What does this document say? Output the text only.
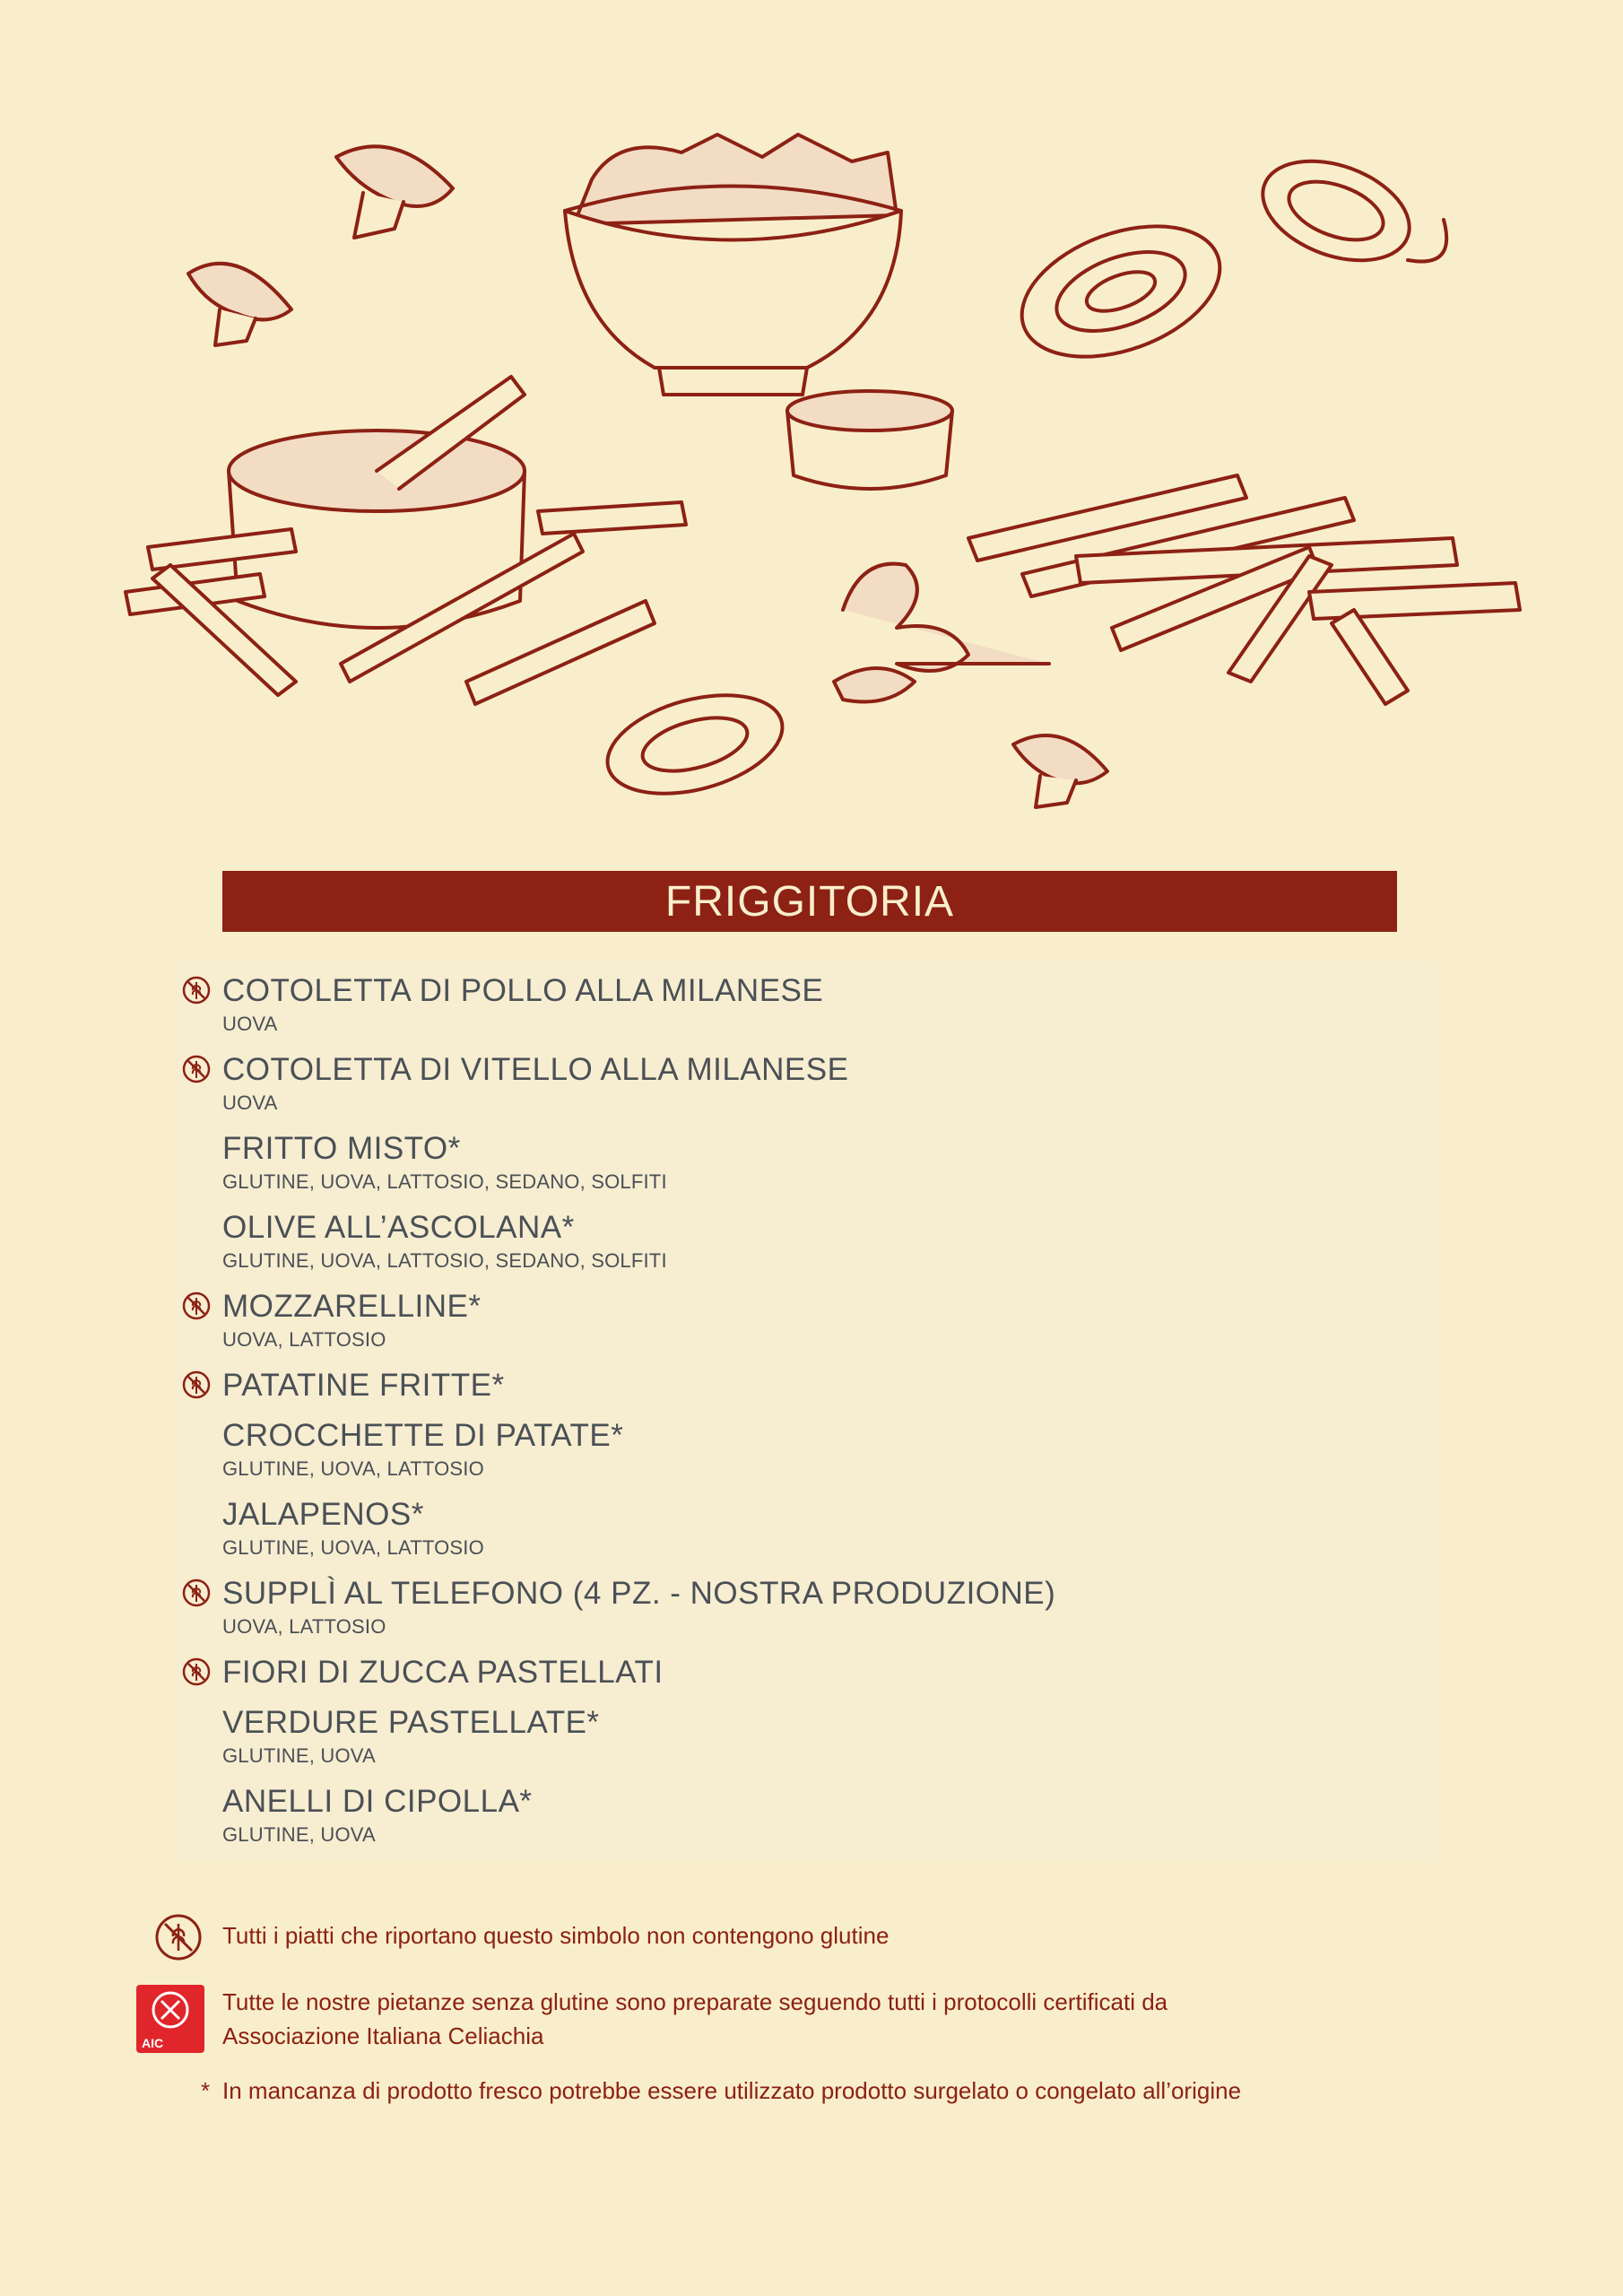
FRIGGITORIA
COTOLETTA DI POLLO ALLA MILANESE
UOVA
COTOLETTA DI VITELLO ALLA MILANESE
UOVA
FRITTO MISTO*
GLUTINE, UOVA, LATTOSIO, SEDANO, SOLFITI
OLIVE ALL’ASCOLANA*
GLUTINE, UOVA, LATTOSIO, SEDANO, SOLFITI
MOZZARELLINE*
UOVA, LATTOSIO
PATATINE FRITTE*
CROCCHETTE DI PATATE*
GLUTINE, UOVA, LATTOSIO
JALAPENOS*
GLUTINE, UOVA, LATTOSIO
SUPPLÌ AL TELEFONO (4 PZ. - NOSTRA PRODUZIONE)
UOVA, LATTOSIO
FIORI DI ZUCCA PASTELLATI
VERDURE PASTELLATE*
GLUTINE, UOVA
ANELLI DI CIPOLLA*
GLUTINE, UOVA
Tutti i piatti che riportano questo simbolo non contengono glutine
AIC
Tutte le nostre pietanze senza glutine sono preparate seguendo tutti i protocolli certificati da
Associazione Italiana Celiachia
* In mancanza di prodotto fresco potrebbe essere utilizzato prodotto surgelato o congelato all’origine
